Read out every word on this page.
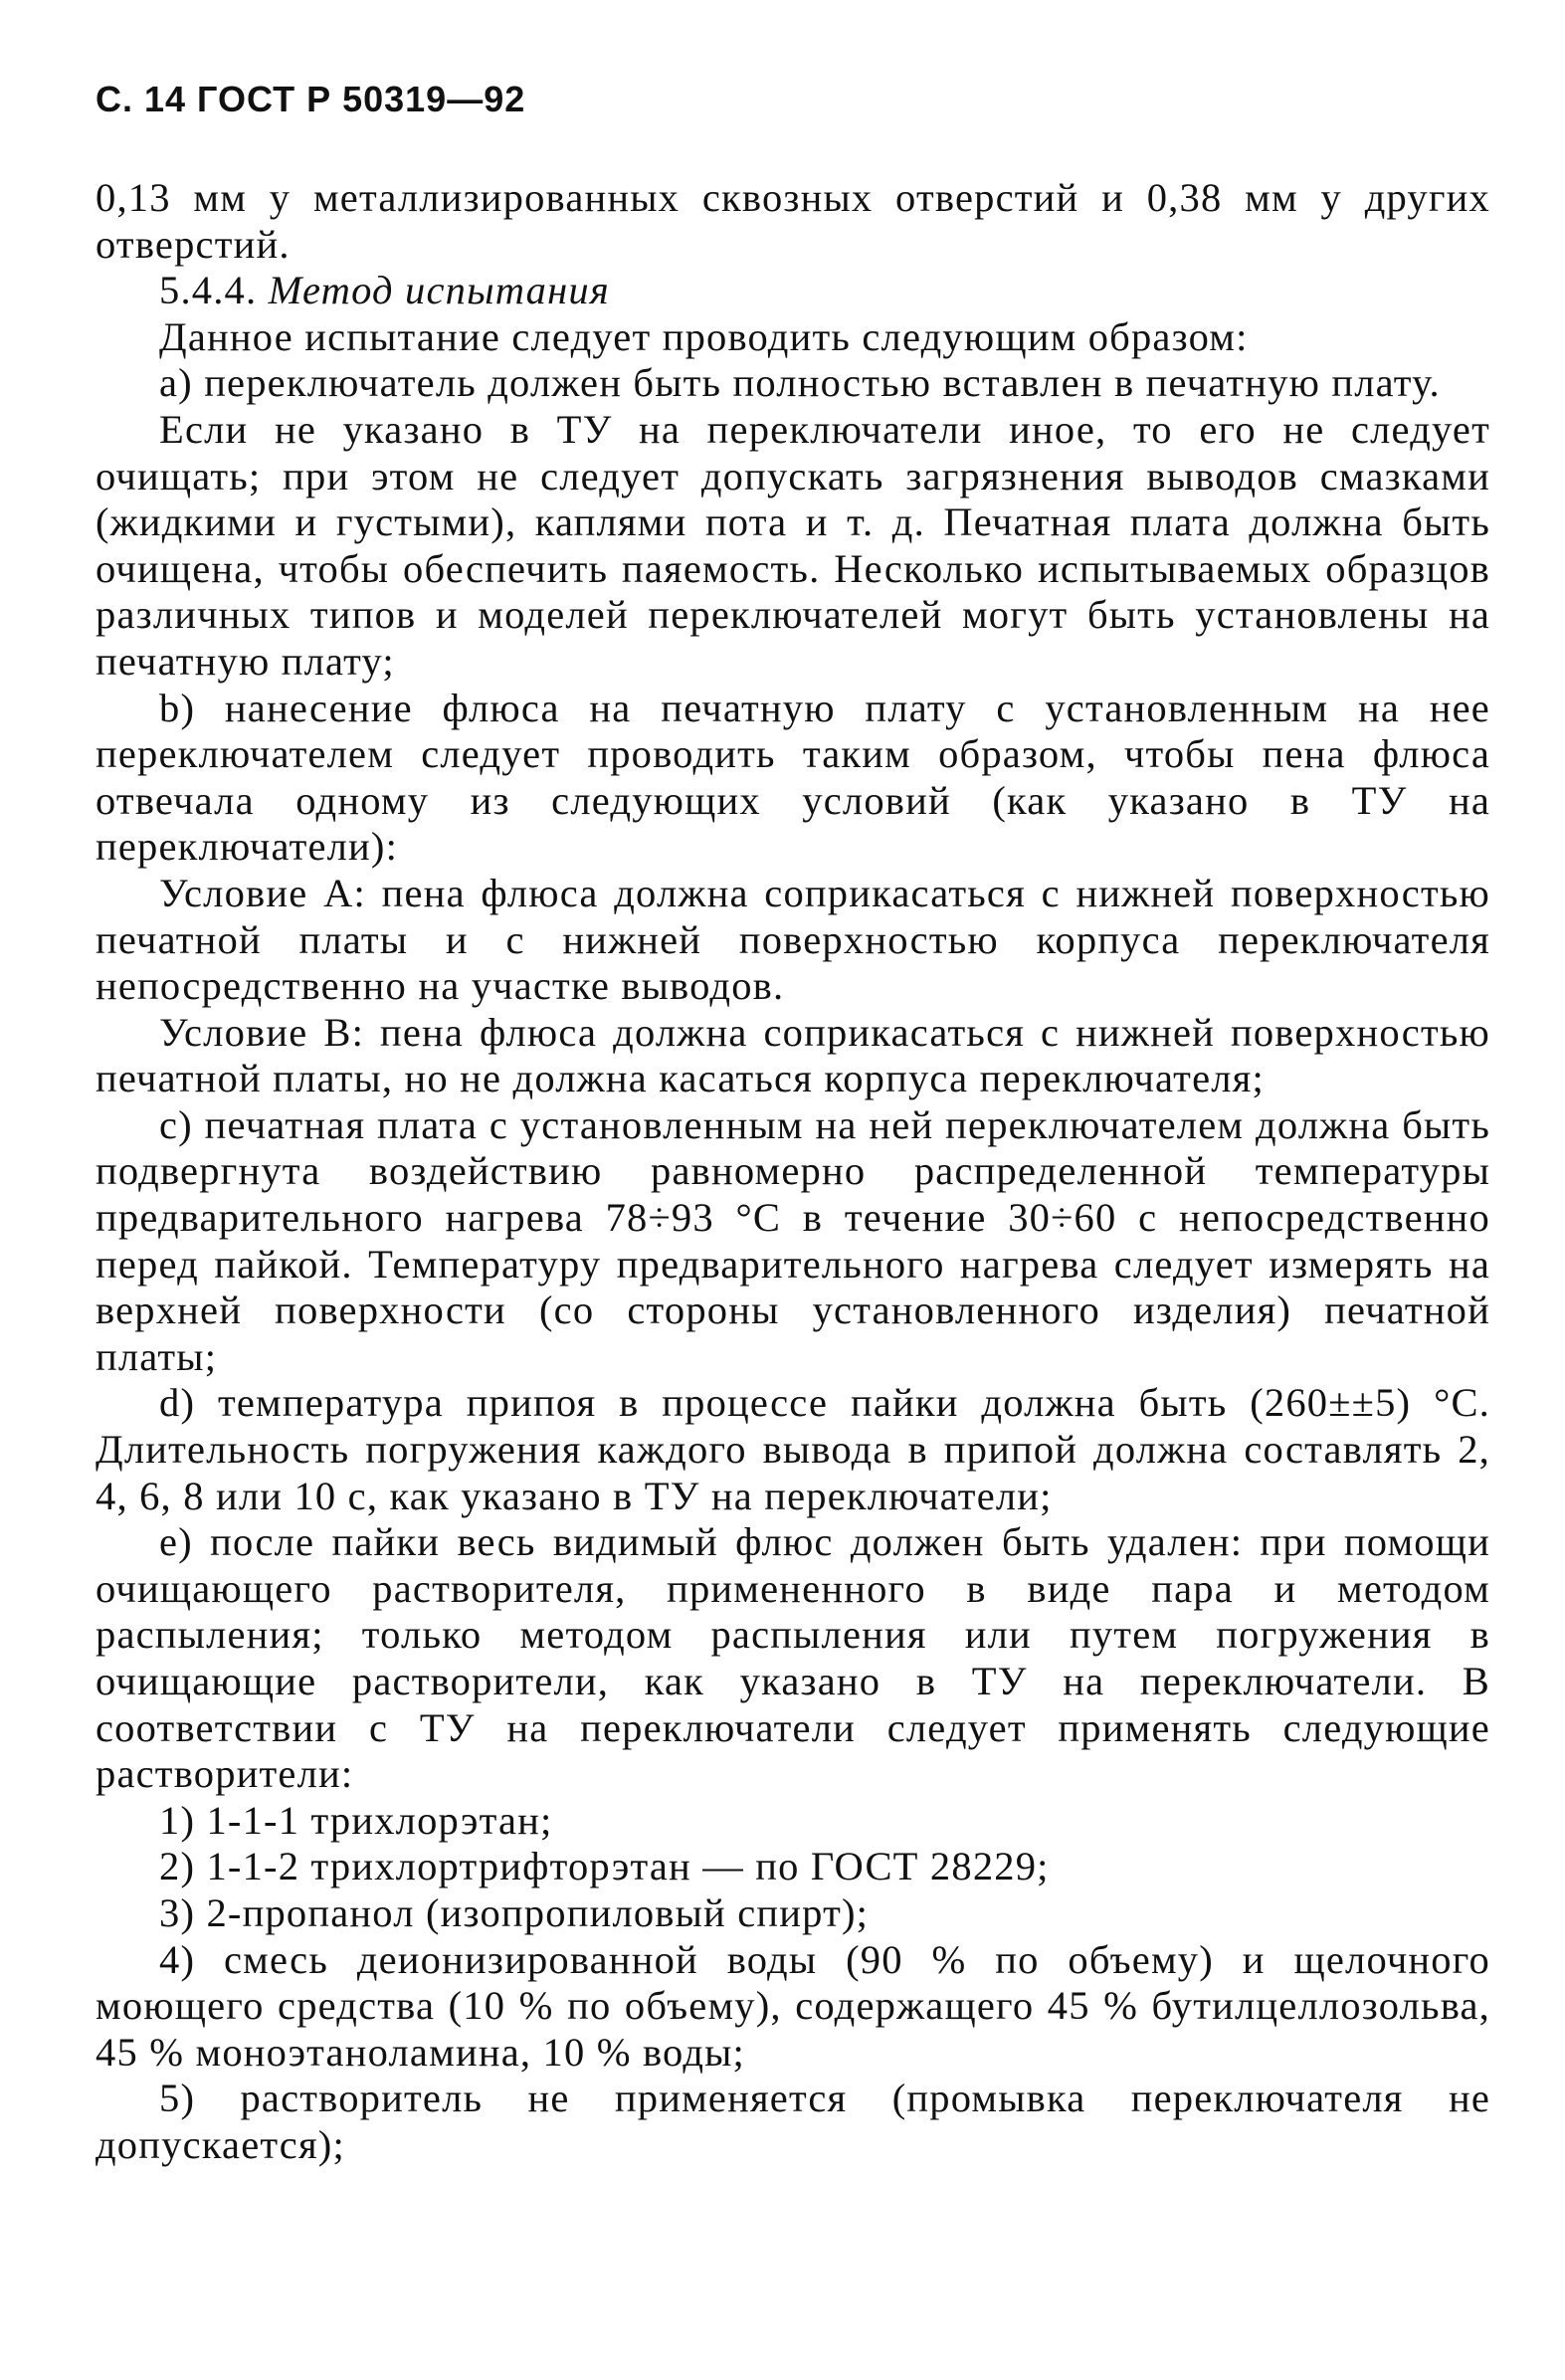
С. 14 ГОСТ Р 50319—92

0,13 мм у металлизированных сквозных отверстий и 0,38 мм у других отверстий.

5.4.4. Метод испытания

Данное испытание следует проводить следующим образом:

а) переключатель должен быть полностью вставлен в печатную плату.

Если не указано в ТУ на переключатели иное, то его не следует очищать; при этом не следует допускать загрязнения выводов смазками (жидкими и густыми), каплями пота и т. д. Печатная плата должна быть очищена, чтобы обеспечить паяемость. Несколько испытываемых образцов различных типов и моделей переключателей могут быть установлены на печатную плату;

b) нанесение флюса на печатную плату с установленным на нее переключателем следует проводить таким образом, чтобы пена флюса отвечала одному из следующих условий (как указано в ТУ на переключатели):

Условие А: пена флюса должна соприкасаться с нижней поверхностью печатной платы и с нижней поверхностью корпуса переключателя непосредственно на участке выводов.

Условие В: пена флюса должна соприкасаться с нижней поверхностью печатной платы, но не должна касаться корпуса переключателя;

с) печатная плата с установленным на ней переключателем должна быть подвергнута воздействию равномерно распределенной температуры предварительного нагрева 78÷93 °С в течение 30÷60 с непосредственно перед пайкой. Температуру предварительного нагрева следует измерять на верхней поверхности (со стороны установленного изделия) печатной платы;

d) температура припоя в процессе пайки должна быть (260±±5) °С. Длительность погружения каждого вывода в припой должна составлять 2, 4, 6, 8 или 10 с, как указано в ТУ на переключатели;

е) после пайки весь видимый флюс должен быть удален: при помощи очищающего растворителя, примененного в виде пара и методом распыления; только методом распыления или путем погружения в очищающие растворители, как указано в ТУ на переключатели. В соответствии с ТУ на переключатели следует применять следующие растворители:

1) 1-1-1 трихлорэтан;

2) 1-1-2 трихлортрифторэтан — по ГОСТ 28229;

3) 2-пропанол (изопропиловый спирт);

4) смесь деионизированной воды (90 % по объему) и щелочного моющего средства (10 % по объему), содержащего 45 % бутилцеллозольва, 45 % моноэтаноламина, 10 % воды;

5) растворитель не применяется (промывка переключателя не допускается);
